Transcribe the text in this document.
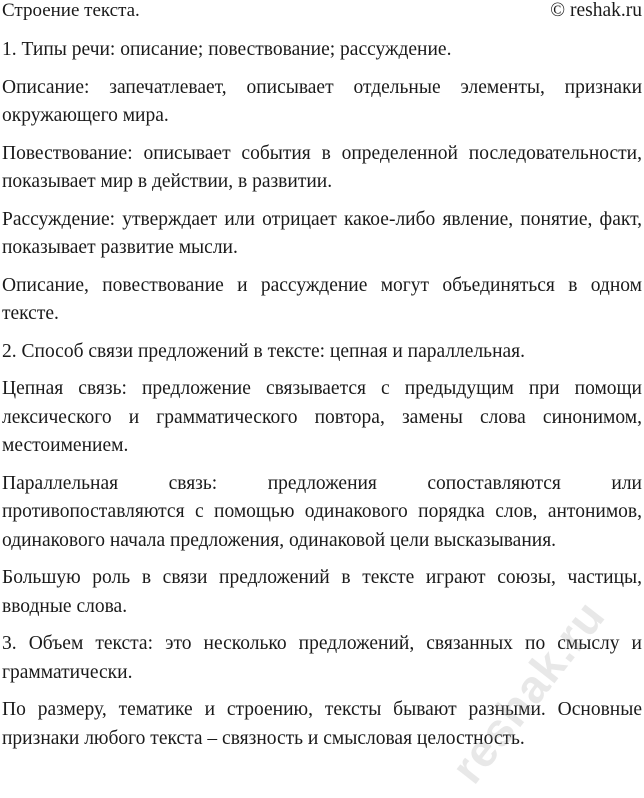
Строение текста.	© reshak.ru

1. Типы речи: описание; повествование; рассуждение.

Описание: запечатлевает, описывает отдельные элементы, признаки окружающего мира.

Повествование: описывает события в определенной последовательности, показывает мир в действии, в развитии.

Рассуждение: утверждает или отрицает какое-либо явление, понятие, факт, показывает развитие мысли.

Описание, повествование и рассуждение могут объединяться в одном тексте.

2. Способ связи предложений в тексте: цепная и параллельная.

Цепная связь: предложение связывается с предыдущим при помощи лексического и грамматического повтора, замены слова синонимом, местоимением.

Параллельная связь: предложения сопоставляются или противопоставляются с помощью одинакового порядка слов, антонимов, одинакового начала предложения, одинаковой цели высказывания.

Большую роль в связи предложений в тексте играют союзы, частицы, вводные слова.

3. Объем текста: это несколько предложений, связанных по смыслу и грамматически.

По размеру, тематике и строению, тексты бывают разными. Основные признаки любого текста – связность и смысловая целостность.

reshak.ru
